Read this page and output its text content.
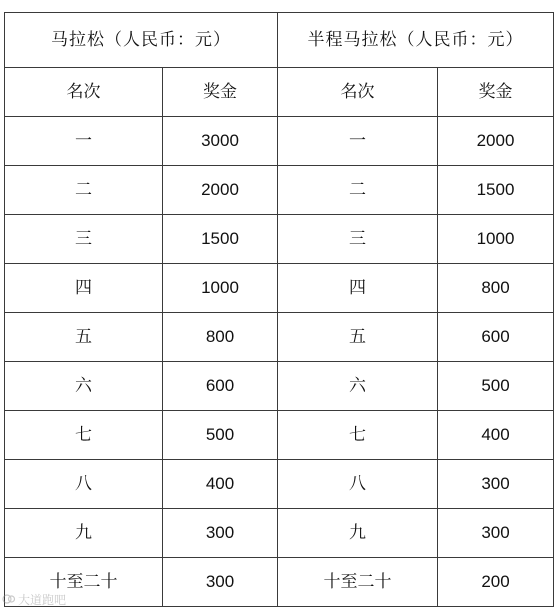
马拉松（人民币：元）		半程马拉松（人民币：元）	
名次	奖金	名次	奖金
一	3000	一	2000
二	2000	二	1500
三	1500	三	1000
四	1000	四	800
五	800	五	600
六	600	六	500
七	500	七	400
八	400	八	300
九	300	九	300
十至二十	300	十至二十	200
大道跑吧
